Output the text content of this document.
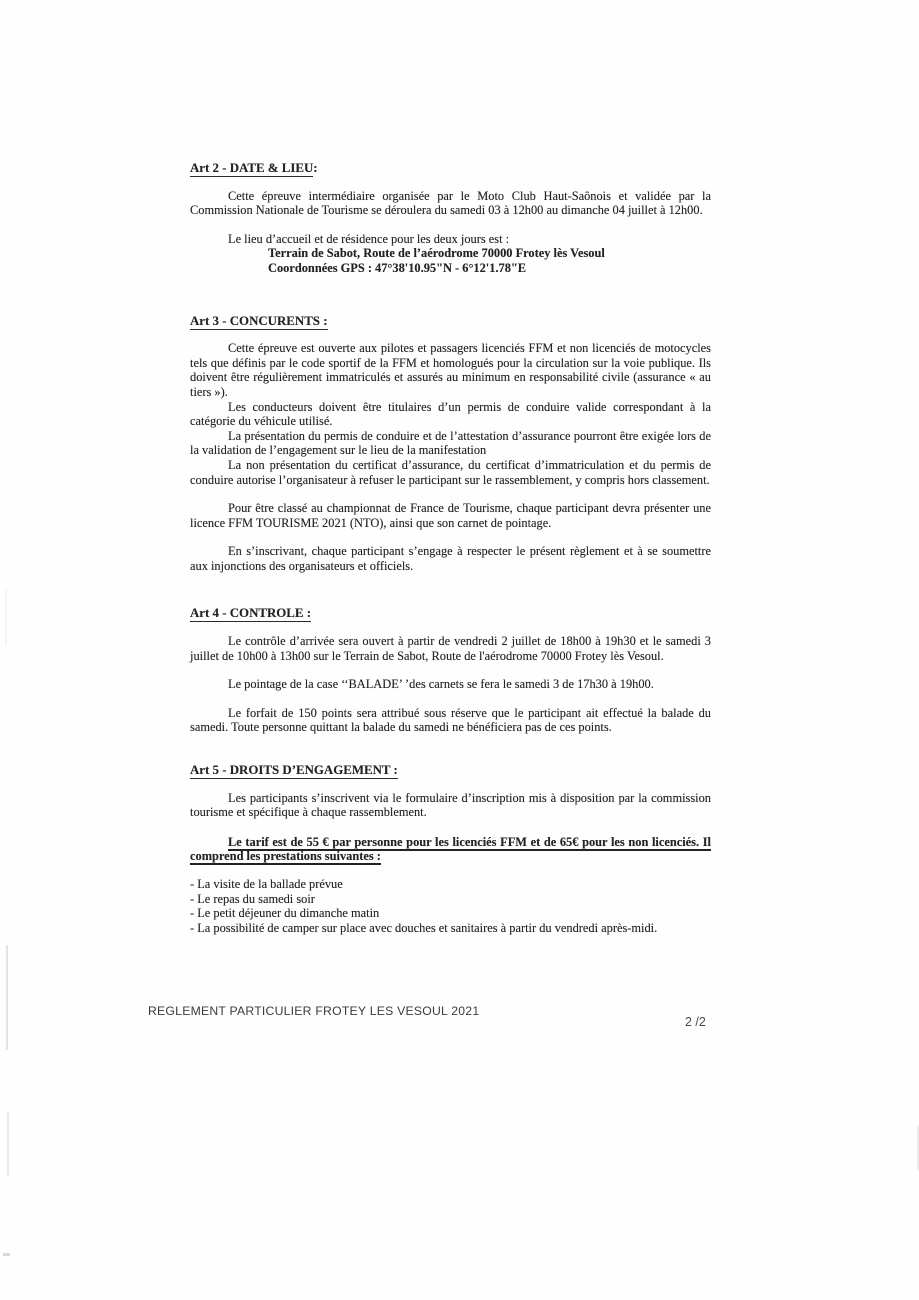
Art 2 - DATE & LIEU:

Cette épreuve intermédiaire organisée par le Moto Club Haut-Saônois et validée par la Commission Nationale de Tourisme se déroulera du samedi 03 à 12h00 au dimanche 04 juillet à 12h00.

Le lieu d’accueil et de résidence pour les deux jours est :

Terrain de Sabot, Route de l’aérodrome 70000 Frotey lès Vesoul

Coordonnées GPS : 47°38'10.95"N - 6°12'1.78"E

Art 3 - CONCURENTS :

Cette épreuve est ouverte aux pilotes et passagers licenciés FFM et non licenciés de motocycles tels que définis par le code sportif de la FFM et homologués pour la circulation sur la voie publique. Ils doivent être régulièrement immatriculés et assurés au minimum en responsabilité civile (assurance « au tiers »).

Les conducteurs doivent être titulaires d’un permis de conduire valide correspondant à la catégorie du véhicule utilisé.

La présentation du permis de conduire et de l’attestation d’assurance pourront être exigée lors de la validation de l’engagement sur le lieu de la manifestation

La non présentation du certificat d’assurance, du certificat d’immatriculation et du permis de conduire autorise l’organisateur à refuser le participant sur le rassemblement, y compris hors classement.

Pour être classé au championnat de France de Tourisme, chaque participant devra présenter une licence FFM TOURISME 2021 (NTO), ainsi que son carnet de pointage.

En s’inscrivant, chaque participant s’engage à respecter le présent règlement et à se soumettre aux injonctions des organisateurs et officiels.

Art 4 - CONTROLE :

Le contrôle d’arrivée sera ouvert à partir de vendredi 2 juillet de 18h00 à 19h30 et le samedi 3 juillet de 10h00 à 13h00 sur le Terrain de Sabot, Route de l'aérodrome 70000 Frotey lès Vesoul.

Le pointage de la case ‘‘BALADE’ ’des carnets se fera le samedi 3 de 17h30 à 19h00.

Le forfait de 150 points sera attribué sous réserve que le participant ait effectué la balade du samedi. Toute personne quittant la balade du samedi ne bénéficiera pas de ces points.

Art 5 - DROITS D’ENGAGEMENT :

Les participants s’inscrivent via le formulaire d’inscription mis à disposition par la commission tourisme et spécifique à chaque rassemblement.

Le tarif est de 55 € par personne pour les licenciés FFM et de 65€ pour les non licenciés. Il comprend les prestations suivantes :

- La visite de la ballade prévue

- Le repas du samedi soir

- Le petit déjeuner du dimanche matin

- La possibilité de camper sur place avec douches et sanitaires à partir du vendredi après-midi.

REGLEMENT PARTICULIER FROTEY LES VESOUL 2021
2 /2
